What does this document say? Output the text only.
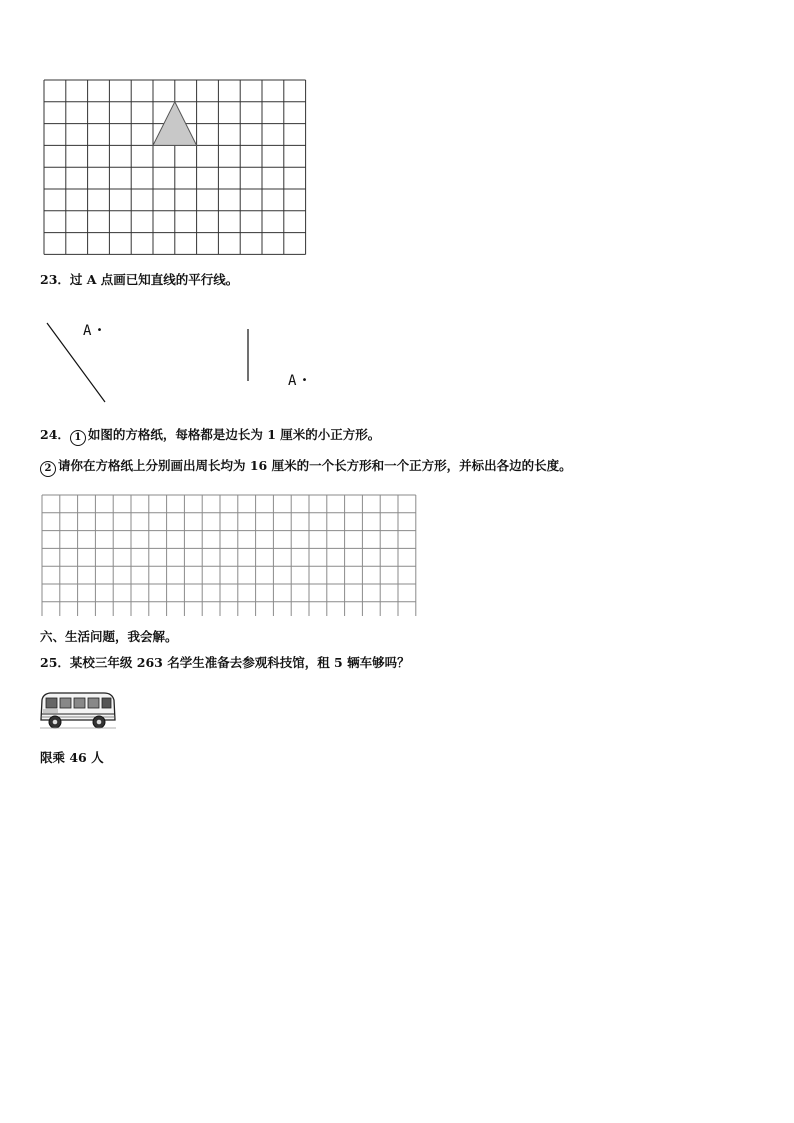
23．过 A 点画已知直线的平行线。
A •
A •
24． 1 如图的方格纸，每格都是边长为 1 厘米的小正方形。
2 请你在方格纸上分别画出周长均为 16 厘米的一个长方形和一个正方形，并标出各边的长度。
六、生活问题，我会解。
25．某校三年级 263 名学生准备去参观科技馆，租 5 辆车够吗？
限乘 46 人
